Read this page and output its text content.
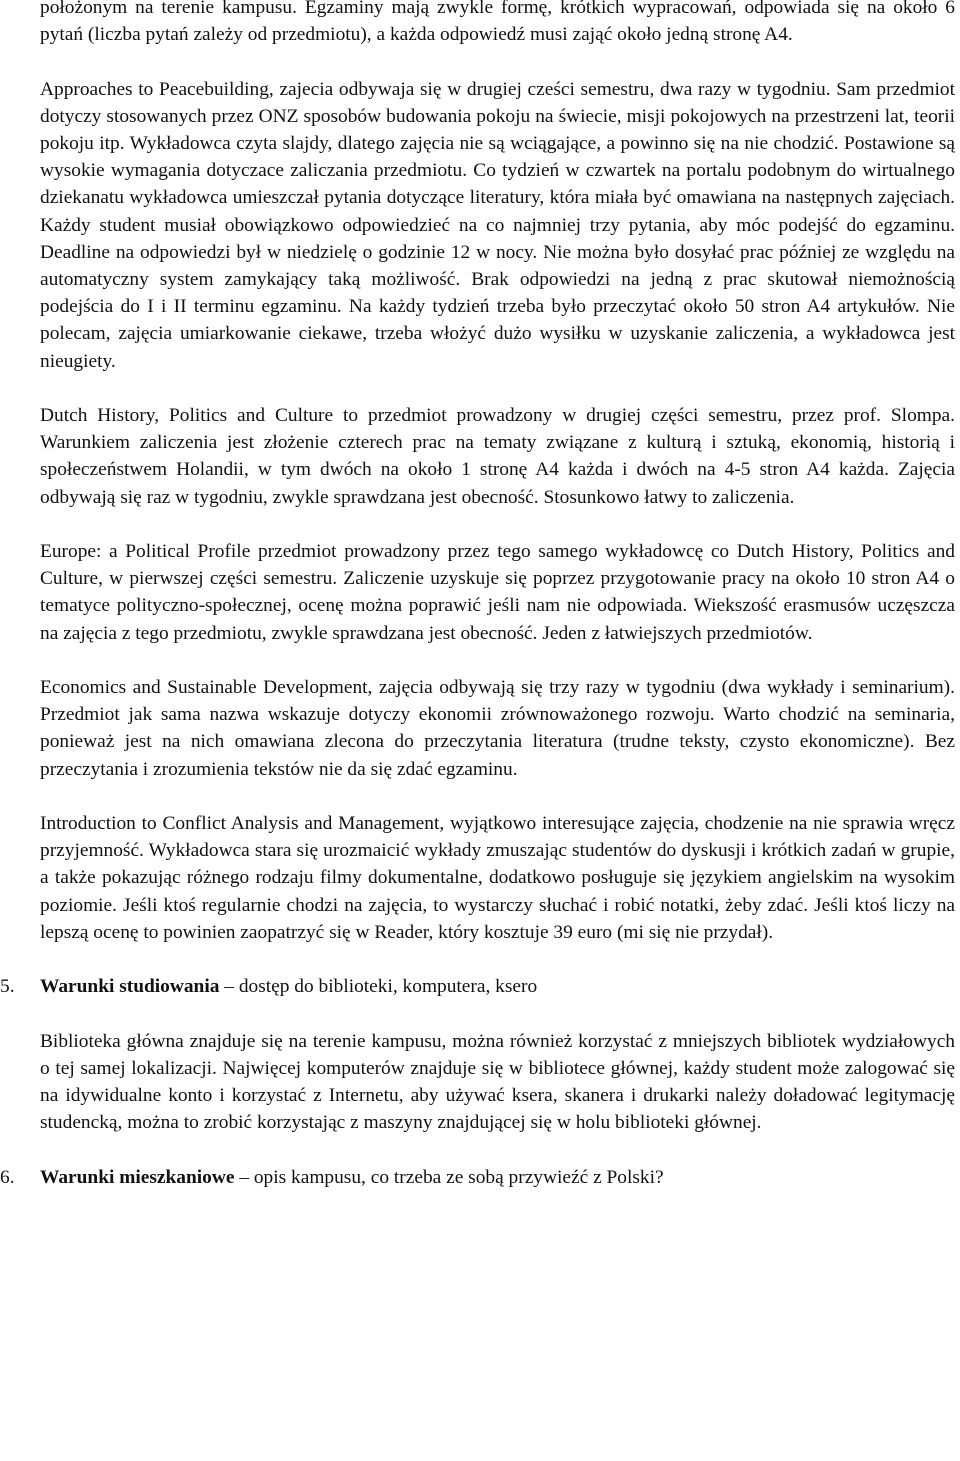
położonym na terenie kampusu. Egzaminy mają zwykle formę, krótkich wypracowań, odpowiada się na około 6 pytań (liczba pytań zależy od przedmiotu), a każda odpowiedź musi zająć około jedną stronę A4.

Approaches to Peacebuilding, zajecia odbywaja się w drugiej cześci semestru, dwa razy w tygodniu. Sam przedmiot dotyczy stosowanych przez ONZ sposobów budowania pokoju na świecie, misji pokojowych na przestrzeni lat, teorii pokoju itp. Wykładowca czyta slajdy, dlatego zajęcia nie są wciągające, a powinno się na nie chodzić. Postawione są wysokie wymagania dotyczace zaliczania przedmiotu. Co tydzień w czwartek na portalu podobnym do wirtualnego dziekanatu wykładowca umieszczał pytania dotyczące literatury, która miała być omawiana na następnych zajęciach. Każdy student musiał obowiązkowo odpowiedzieć na co najmniej trzy pytania, aby móc podejść do egzaminu. Deadline na odpowiedzi był w niedzielę o godzinie 12 w nocy. Nie można było dosyłać prac później ze względu na automatyczny system zamykający taką możliwość. Brak odpowiedzi na jedną z prac skutował niemożnością podejścia do I i II terminu egzaminu. Na każdy tydzień trzeba było przeczytać około 50 stron A4 artykułów. Nie polecam, zajęcia umiarkowanie ciekawe, trzeba włożyć dużo wysiłku w uzyskanie zaliczenia, a wykładowca jest nieugiety.

Dutch History, Politics and Culture to przedmiot prowadzony w drugiej części semestru, przez prof. Slompa. Warunkiem zaliczenia jest złożenie czterech prac na tematy związane z kulturą i sztuką, ekonomią, historią i społeczeństwem Holandii, w tym dwóch na około 1 stronę A4 każda i dwóch na 4-5 stron A4 każda. Zajęcia odbywają się raz w tygodniu, zwykle sprawdzana jest obecność. Stosunkowo łatwy to zaliczenia.

Europe: a Political Profile przedmiot prowadzony przez tego samego wykładowcę co Dutch History, Politics and Culture, w pierwszej części semestru. Zaliczenie uzyskuje się poprzez przygotowanie pracy na około 10 stron A4 o tematyce polityczno-społecznej, ocenę można poprawić jeśli nam nie odpowiada. Wiekszość erasmusów uczęszcza na zajęcia z tego przedmiotu, zwykle sprawdzana jest obecność. Jeden z łatwiejszych przedmiotów.

Economics and Sustainable Development, zajęcia odbywają się trzy razy w tygodniu (dwa wykłady i seminarium). Przedmiot jak sama nazwa wskazuje dotyczy ekonomii zrównoważonego rozwoju. Warto chodzić na seminaria, ponieważ jest na nich omawiana zlecona do przeczytania literatura (trudne teksty, czysto ekonomiczne). Bez przeczytania i zrozumienia tekstów nie da się zdać egzaminu.

Introduction to Conflict Analysis and Management, wyjątkowo interesujące zajęcia, chodzenie na nie sprawia wręcz przyjemność. Wykładowca stara się urozmaicić wykłady zmuszając studentów do dyskusji i krótkich zadań w grupie, a także pokazując różnego rodzaju filmy dokumentalne, dodatkowo posługuje się językiem angielskim na wysokim poziomie. Jeśli ktoś regularnie chodzi na zajęcia, to wystarczy słuchać i robić notatki, żeby zdać. Jeśli ktoś liczy na lepszą ocenę to powinien zaopatrzyć się w Reader, który kosztuje 39 euro (mi się nie przydał).

5.	Warunki studiowania – dostęp do biblioteki, komputera, ksero

Biblioteka główna znajduje się na terenie kampusu, można również korzystać z mniejszych bibliotek wydziałowych o tej samej lokalizacji. Najwięcej komputerów znajduje się w bibliotece głównej, każdy student może zalogować się na idywidualne konto i korzystać z Internetu, aby używać ksera, skanera i drukarki należy doładować legitymację studencką, można to zrobić korzystając z maszyny znajdującej się w holu biblioteki głównej.

6.	Warunki mieszkaniowe – opis kampusu, co trzeba ze sobą przywieźć z Polski?
